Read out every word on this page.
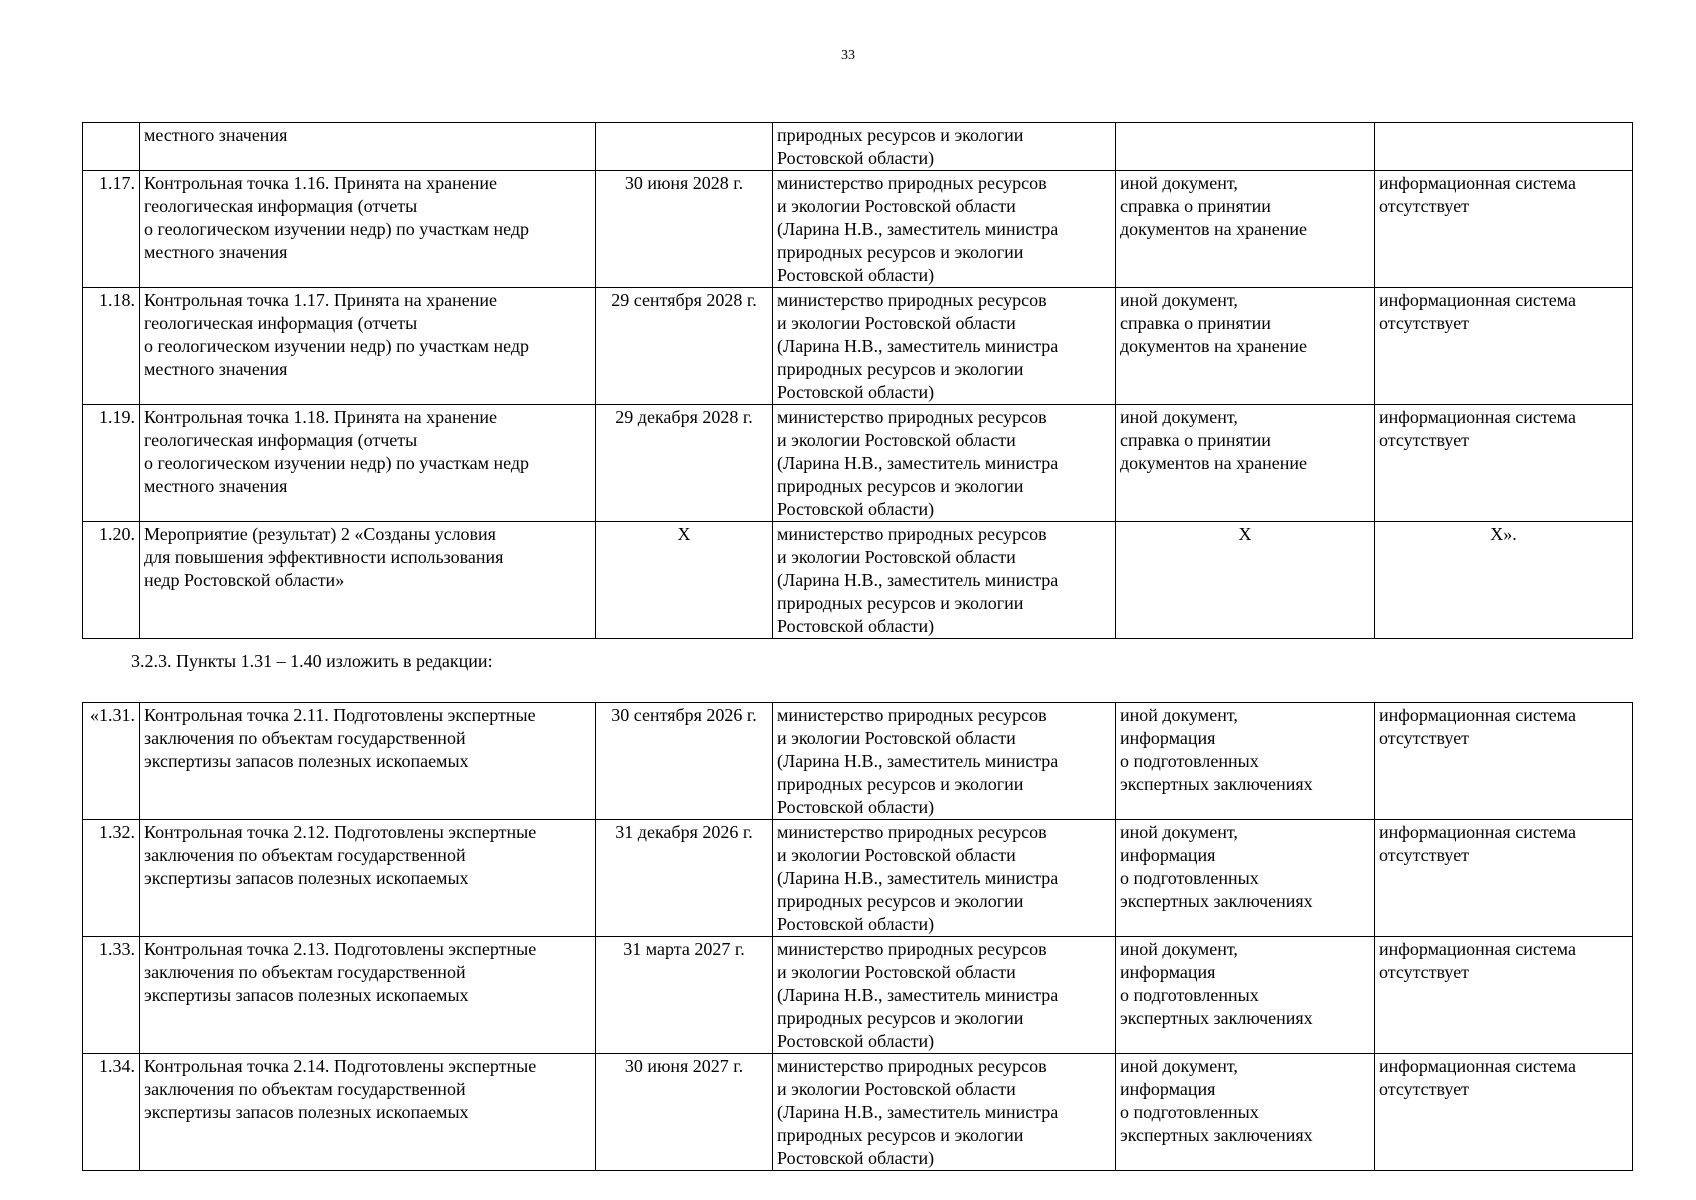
33
	местного значения		природных ресурсов и экологии
Ростовской области)		
1.17.	Контрольная точка 1.16. Принята на хранение
геологическая информация (отчеты
о геологическом изучении недр) по участкам недр
местного значения	30 июня 2028 г.	министерство природных ресурсов
и экологии Ростовской области
(Ларина Н.В., заместитель министра
природных ресурсов и экологии
Ростовской области)	иной документ,
справка о принятии
документов на хранение	информационная система
отсутствует
1.18.	Контрольная точка 1.17. Принята на хранение
геологическая информация (отчеты
о геологическом изучении недр) по участкам недр
местного значения	29 сентября 2028 г.	министерство природных ресурсов
и экологии Ростовской области
(Ларина Н.В., заместитель министра
природных ресурсов и экологии
Ростовской области)	иной документ,
справка о принятии
документов на хранение	информационная система
отсутствует
1.19.	Контрольная точка 1.18. Принята на хранение
геологическая информация (отчеты
о геологическом изучении недр) по участкам недр
местного значения	29 декабря 2028 г.	министерство природных ресурсов
и экологии Ростовской области
(Ларина Н.В., заместитель министра
природных ресурсов и экологии
Ростовской области)	иной документ,
справка о принятии
документов на хранение	информационная система
отсутствует
1.20.	Мероприятие (результат) 2 «Созданы условия
для повышения эффективности использования
недр Ростовской области»	X	министерство природных ресурсов
и экологии Ростовской области
(Ларина Н.В., заместитель министра
природных ресурсов и экологии
Ростовской области)	X	X».
3.2.3. Пункты 1.31 – 1.40 изложить в редакции:
«1.31.	Контрольная точка 2.11. Подготовлены экспертные
заключения по объектам государственной
экспертизы запасов полезных ископаемых	30 сентября 2026 г.	министерство природных ресурсов
и экологии Ростовской области
(Ларина Н.В., заместитель министра
природных ресурсов и экологии
Ростовской области)	иной документ,
информация
о подготовленных
экспертных заключениях	информационная система
отсутствует
1.32.	Контрольная точка 2.12. Подготовлены экспертные
заключения по объектам государственной
экспертизы запасов полезных ископаемых	31 декабря 2026 г.	министерство природных ресурсов
и экологии Ростовской области
(Ларина Н.В., заместитель министра
природных ресурсов и экологии
Ростовской области)	иной документ,
информация
о подготовленных
экспертных заключениях	информационная система
отсутствует
1.33.	Контрольная точка 2.13. Подготовлены экспертные
заключения по объектам государственной
экспертизы запасов полезных ископаемых	31 марта 2027 г.	министерство природных ресурсов
и экологии Ростовской области
(Ларина Н.В., заместитель министра
природных ресурсов и экологии
Ростовской области)	иной документ,
информация
о подготовленных
экспертных заключениях	информационная система
отсутствует
1.34.	Контрольная точка 2.14. Подготовлены экспертные
заключения по объектам государственной
экспертизы запасов полезных ископаемых	30 июня 2027 г.	министерство природных ресурсов
и экологии Ростовской области
(Ларина Н.В., заместитель министра
природных ресурсов и экологии
Ростовской области)	иной документ,
информация
о подготовленных
экспертных заключениях	информационная система
отсутствует
